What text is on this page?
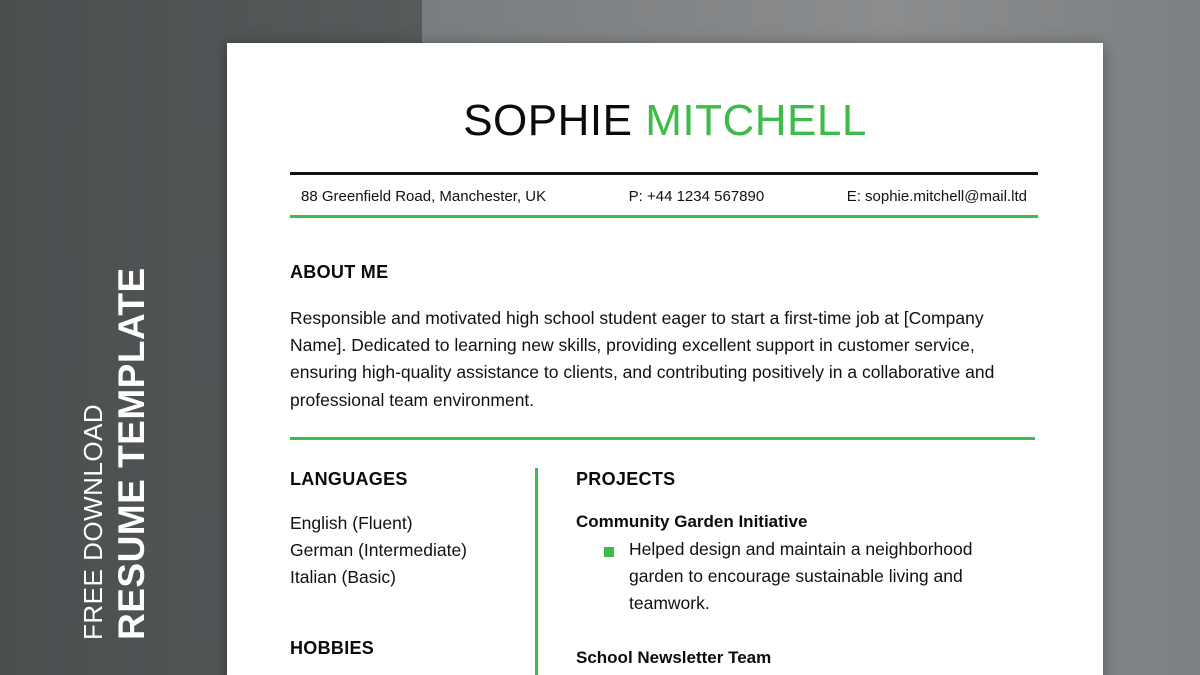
FREE DOWNLOAD RESUME TEMPLATE
SOPHIE MITCHELL
88 Greenfield Road, Manchester, UK	P: +44 1234 567890	E: sophie.mitchell@mail.ltd
ABOUT ME

Responsible and motivated high school student eager to start a first-time job at [Company Name]. Dedicated to learning new skills, providing excellent support in customer service, ensuring high-quality assistance to clients, and contributing positively in a collaborative and professional team environment.

LANGUAGES
English (Fluent)
German (Intermediate)
Italian (Basic)
HOBBIES
PROJECTS
Community Garden Initiative

Helped design and maintain a neighborhood garden to encourage sustainable living and teamwork.

School Newsletter Team
